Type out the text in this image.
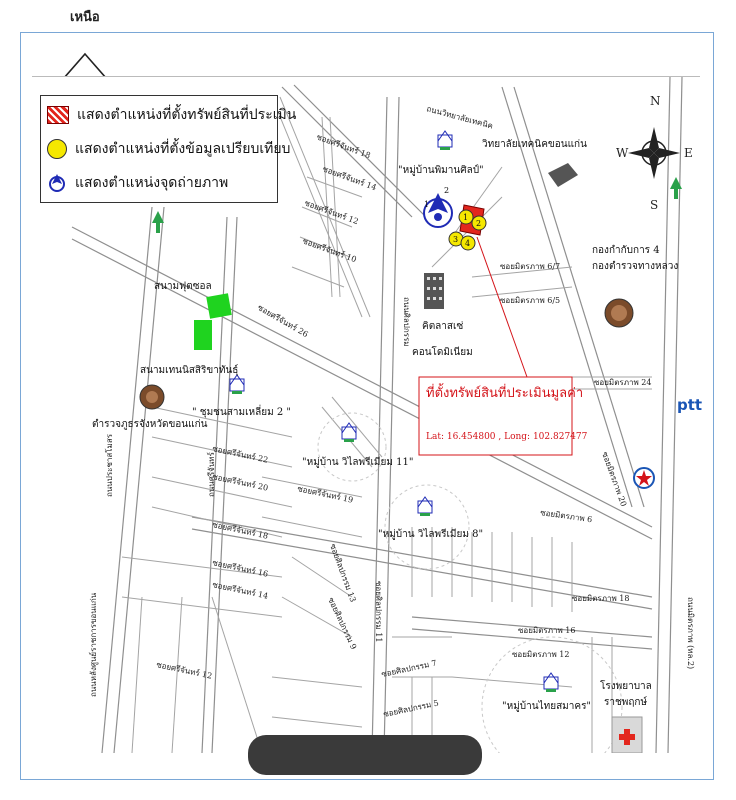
เหนือ
N
S
W	E
ที่ตั้งทรัพย์สินที่ประเมินมูลค่า
Lat: 16.454800 , Long: 102.827477
1
2
3 4
2
1
"หมู่บ้านพิมานศิลป์"
วิทยาลัยเทคนิคขอนแก่น
คิตลาสเซ่
คอนโดมิเนียม
สนามฟุตซอล
สนามเทนนิสสิริขาทันธุ์
ตำรวจภูธรจังหวัดขอนแก่น
" ชุมชนสามเหลี่ยม 2 "
"หมู่บ้าน วิไลพรีเมียม 11"
"หมู่บ้าน วิไลพรีเมียม 8"
"หมู่บ้านไทยสมาคร"
กองกำกับการ 4
กองตำรวจทางหลวง
โรงพยาบาล
ราชพฤกษ์
ซอยศรีจันทร์ 18
ซอยศรีจันทร์ 14
ซอยศรีจันทร์ 12
ซอยศรีจันทร์ 10
ซอยศรีจันทร์ 26
ซอยศรีจันทร์ 22
ซอยศรีจันทร์ 20
ซอยศรีจันทร์ 19
ซอยศรีจันทร์ 18
ซอยศรีจันทร์ 16
ซอยศรีจันทร์ 14
ซอยศรีจันทร์ 12
ซอยมิตรภาพ 6/7
ซอยมิตรภาพ 6/5
ซอยมิตรภาพ 24
ซอยมิตรภาพ 20
ซอยมิตรภาพ 6
ซอยมิตรภาพ 18
ซอยมิตรภาพ 16
ซอยมิตรภาพ 12
ซอยศิลปกรรม 13
ซอยศิลปกรรม 11
ซอยศิลปกรรม 9
ซอยศิลปกรรม 7
ซอยศิลปกรรม 5
ถนนศิลปกรรม
ถนนมิตรภาพ (ทล.2)
ถนนประชาสโมสร
ถนนหลังศูนย์ราชการขอนแก่น
ถนนศรีจันทร์
ถนนวิทยาลัยเทคนิค
แสดงตำแหน่งที่ตั้งทรัพย์สินที่ประเมิน
แสดงตำแหน่งที่ตั้งข้อมูลเปรียบเทียบ
แสดงตำแหน่งจุดถ่ายภาพ
ptt
